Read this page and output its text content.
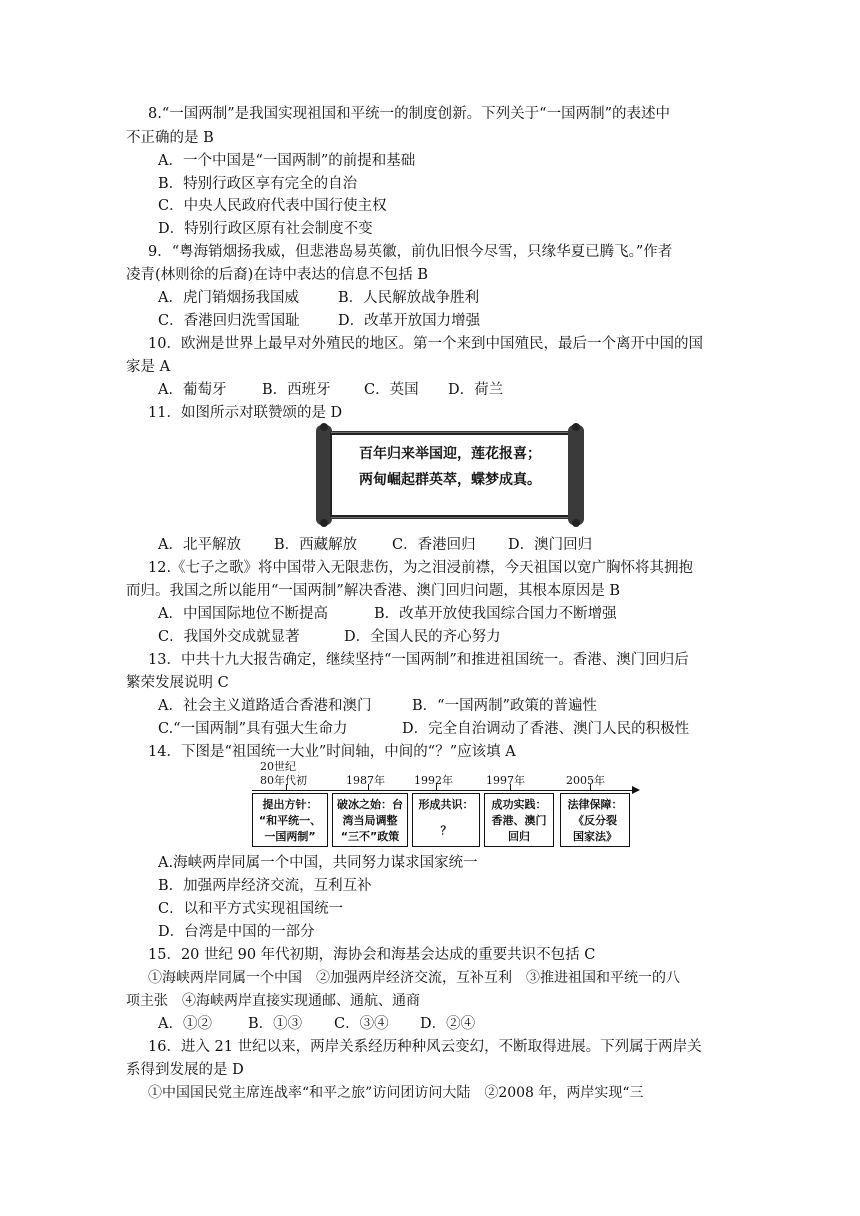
8.“一国两制”是我国实现祖国和平统一的制度创新。下列关于“一国两制”的表述中
不正确的是 B
A．一个中国是“一国两制”的前提和基础
B．特别行政区享有完全的自治
C．中央人民政府代表中国行使主权
D．特别行政区原有社会制度不变
9．“粤海销烟扬我威，但悲港岛易英徽，前仇旧恨今尽雪，只缘华夏已腾飞。”作者
凌青(林则徐的后裔)在诗中表达的信息不包括 B
A．虎门销烟扬我国威	B．人民解放战争胜利
C．香港回归洗雪国耻	D．改革开放国力增强
10．欧洲是世界上最早对外殖民的地区。第一个来到中国殖民，最后一个离开中国的国
家是 A
A．葡萄牙 B．西班牙 C．英国 D．荷兰
11．如图所示对联赞颂的是 D
百年归来举国迎，莲花报喜；
两甸崛起群英萃，蝶梦成真。
A．北平解放 B．西藏解放 C．香港回归 D．澳门回归
12.《七子之歌》将中国带入无限悲伤，为之泪浸前襟，今天祖国以宽广胸怀将其拥抱
而归。我国之所以能用“一国两制”解决香港、澳门回归问题，其根本原因是 B
A．中国国际地位不断提高	B．改革开放使我国综合国力不断增强
C．我国外交成就显著	D．全国人民的齐心努力
13．中共十九大报告确定，继续坚持“一国两制”和推进祖国统一。香港、澳门回归后
繁荣发展说明 C
A．社会主义道路适合香港和澳门	B．“一国两制”政策的普遍性
C.“一国两制”具有强大生命力	D．完全自治调动了香港、澳门人民的积极性
14．下图是“祖国统一大业”时间轴，中间的“？”应该填 A
20世纪
80年代初	1987年	1992年	1997年	2005年
提出方针：
“和平统一、
一国两制”
破冰之始：台
湾当局调整
“三不”政策
形成共识：
？
成功实践：
香港、澳门
回归
法律保障：
《反分裂
国家法》
A.海峡两岸同属一个中国，共同努力谋求国家统一
B．加强两岸经济交流，互利互补
C．以和平方式实现祖国统一
D．台湾是中国的一部分
15．20 世纪 90 年代初期，海协会和海基会达成的重要共识不包括 C
①海峡两岸同属一个中国　②加强两岸经济交流，互补互利　③推进祖国和平统一的八
项主张　④海峡两岸直接实现通邮、通航、通商
A．①② B．①③ C．③④ D．②④
16．进入 21 世纪以来，两岸关系经历种种风云变幻，不断取得进展。下列属于两岸关
系得到发展的是 D
①中国国民党主席连战率“和平之旅”访问团访问大陆　②2008 年，两岸实现“三
